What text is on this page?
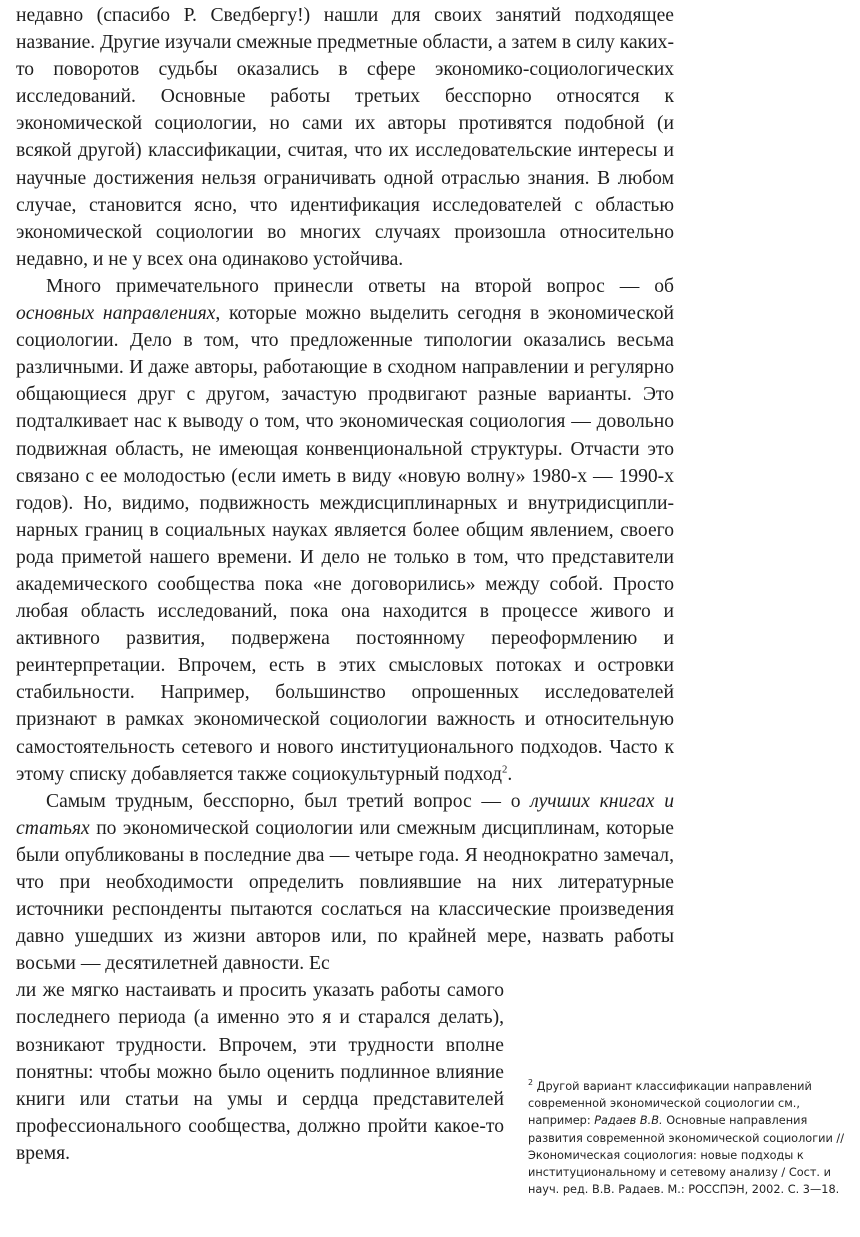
недавно (спасибо Р. Сведбергу!) нашли для своих занятий подходящее название. Другие изучали смежные предметные области, а затем в силу каких-то поворотов судьбы оказались в сфере экономико-социологических исследований. Основные работы третьих бесспорно относятся к экономической социологии, но сами их авторы противятся подобной (и всякой другой) классификации, считая, что их исследовательские интересы и научные достижения нельзя ограничивать одной отраслью знания. В любом случае, становится ясно, что идентификация исследователей с областью экономической социологии во многих случаях произошла относительно недавно, и не у всех она одинаково устойчива.

Много примечательного принесли ответы на второй вопрос — об основных направлениях, которые можно выделить сегодня в экономической социологии. Дело в том, что предложенные типологии оказались весьма различными. И даже авторы, работающие в сходном направлении и регулярно общающиеся друг с другом, зачастую продвигают разные варианты. Это подталкивает нас к выводу о том, что экономическая социология — довольно подвижная область, не имеющая конвенциональной структуры. Отчасти это связано с ее молодостью (если иметь в виду «новую волну» 1980-х — 1990-х годов). Но, видимо, подвижность междисциплинарных и внутридисциплинарных границ в социальных науках является более общим явлением, своего рода приметой нашего времени. И дело не только в том, что представители академического сообщества пока «не договорились» между собой. Просто любая область исследований, пока она находится в процессе живого и активного развития, подвержена постоянному переоформлению и реинтерпретации. Впрочем, есть в этих смысловых потоках и островки стабильности. Например, большинство опрошенных исследователей признают в рамках экономической социологии важность и относительную самостоятельность сетевого и нового институционального подходов. Часто к этому списку добавляется также социокультурный подход$^2$.

Самым трудным, бесспорно, был третий вопрос — о лучших книгах и статьях по экономической социологии или смежным дисциплинам, которые были опубликованы в последние два — четыре года. Я неоднократно замечал, что при необходимости определить повлиявшие на них литературные источники респонденты пытаются сослаться на классические произведения давно ушедших из жизни авторов или, по крайней мере, назвать работы восьми — десятилетней давности. Ес

ли же мягко настаивать и просить указать работы самого последнего периода (а именно это я и старался делать), возникают трудности. Впрочем, эти трудности вполне понятны: чтобы можно было оценить подлинное влияние книги или статьи на умы и сердца представителей профессионального сообщества, должно пройти какое-то время.

$^2$ Другой вариант классификации направлений современной экономической социологии см., например: Радаев В.В. Основные направления развития современной экономической социологии // Экономическая социология: новые подходы к институциональному и сетевому анализу / Сост. и науч. ред. В.В. Радаев. М.: РОССПЭН, 2002. С. 3—18.
